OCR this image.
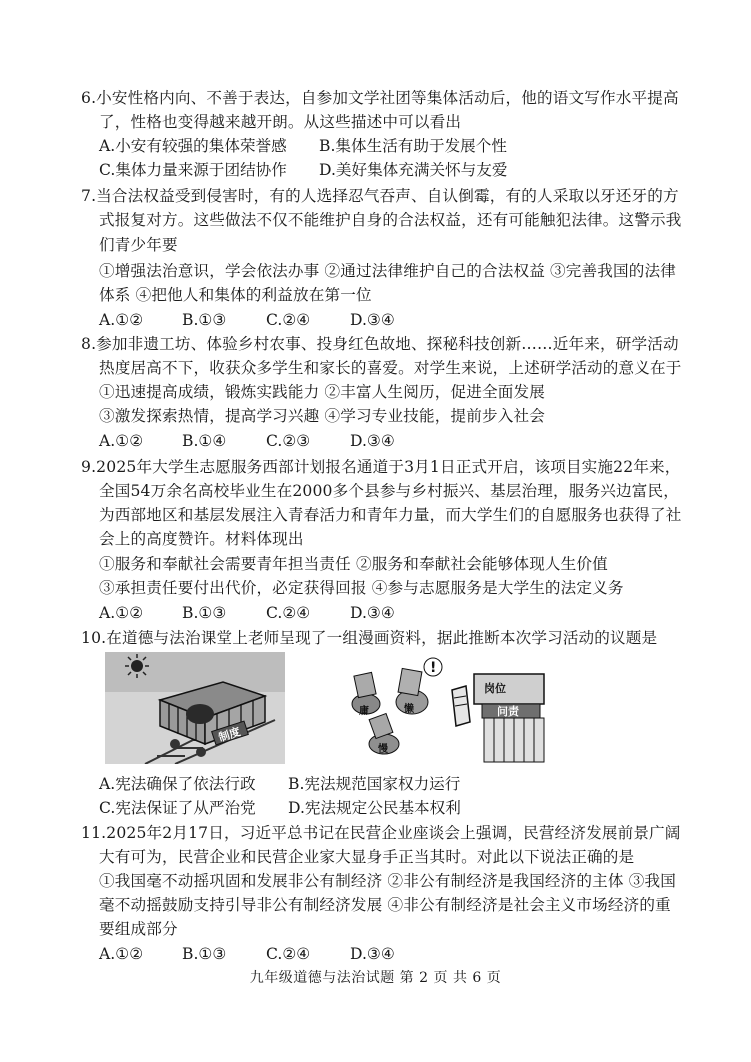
6.小安性格内向、不善于表达，自参加文学社团等集体活动后，他的语文写作水平提高
了，性格也变得越来越开朗。从这些描述中可以看出
A.小安有较强的集体荣誉感 B.集体生活有助于发展个性
C.集体力量来源于团结协作 D.美好集体充满关怀与友爱
7.当合法权益受到侵害时，有的人选择忍气吞声、自认倒霉，有的人采取以牙还牙的方
式报复对方。这些做法不仅不能维护自身的合法权益，还有可能触犯法律。这警示我
们青少年要
①增强法治意识，学会依法办事 ②通过法律维护自己的合法权益 ③完善我国的法律
体系 ④把他人和集体的利益放在第一位
A.①② B.①③	C.②④	D.③④
8.参加非遗工坊、体验乡村农事、投身红色故地、探秘科技创新……近年来，研学活动
热度居高不下，收获众多学生和家长的喜爱。对学生来说，上述研学活动的意义在于
①迅速提高成绩，锻炼实践能力 ②丰富人生阅历，促进全面发展
③激发探索热情，提高学习兴趣 ④学习专业技能，提前步入社会
A.①② B.①④	C.②③	D.③④
9.2025年大学生志愿服务西部计划报名通道于3月1日正式开启，该项目实施22年来，
全国54万余名高校毕业生在2000多个县参与乡村振兴、基层治理，服务兴边富民，
为西部地区和基层发展注入青春活力和青年力量，而大学生们的自愿服务也获得了社
会上的高度赞许。材料体现出
①服务和奉献社会需要青年担当责任 ②服务和奉献社会能够体现人生价值
③承担责任要付出代价，必定获得回报 ④参与志愿服务是大学生的法定义务
A.①② B.①③	C.②④	D.③④
10.在道德与法治课堂上老师呈现了一组漫画资料，据此推断本次学习活动的议题是
制度
庸	懒
慢
!
岗位
问责
A.宪法确保了依法行政 B.宪法规范国家权力运行
C.宪法保证了从严治党 D.宪法规定公民基本权利
11.2025年2月17日，习近平总书记在民营企业座谈会上强调，民营经济发展前景广阔
大有可为，民营企业和民营企业家大显身手正当其时。对此以下说法正确的是
①我国毫不动摇巩固和发展非公有制经济 ②非公有制经济是我国经济的主体 ③我国
毫不动摇鼓励支持引导非公有制经济发展 ④非公有制经济是社会主义市场经济的重
要组成部分
A.①② B.①③	C.②④	D.③④
九年级道德与法治试题 第 2 页 共 6 页
